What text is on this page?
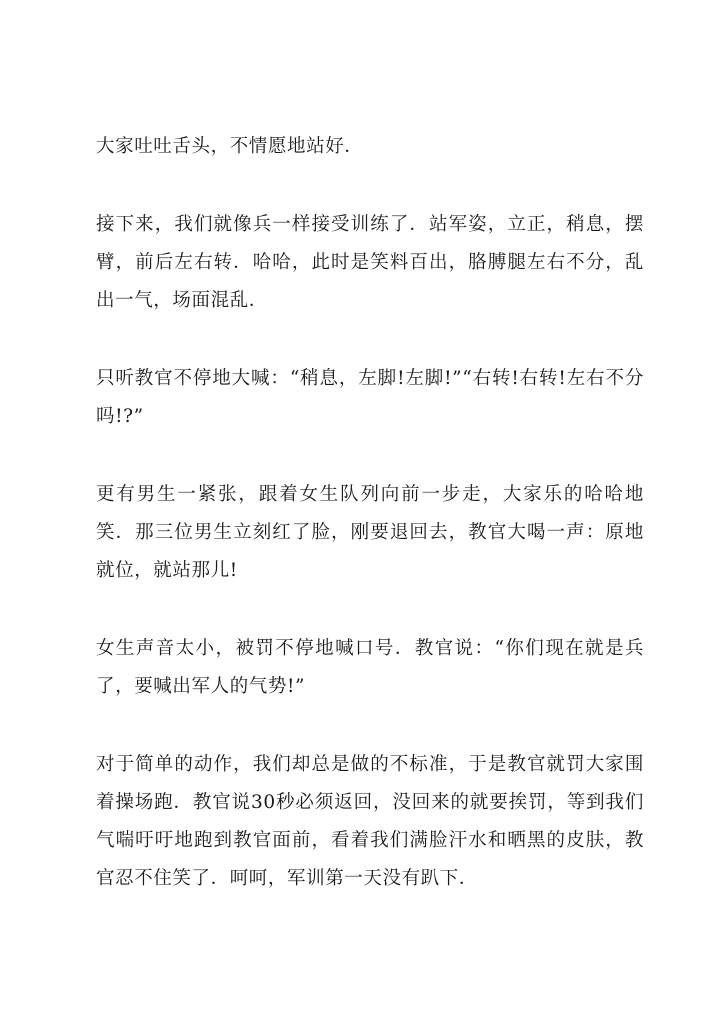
大家吐吐舌头，不情愿地站好．

接下来，我们就像兵一样接受训练了．站军姿，立正，稍息，摆臂，前后左右转．哈哈，此时是笑料百出，胳膊腿左右不分，乱出一气，场面混乱．

只听教官不停地大喊：“稍息，左脚!左脚!”“右转!右转!左右不分吗!?”

更有男生一紧张，跟着女生队列向前一步走，大家乐的哈哈地笑．那三位男生立刻红了脸，刚要退回去，教官大喝一声：原地就位，就站那儿!

女生声音太小，被罚不停地喊口号．教官说：“你们现在就是兵了，要喊出军人的气势!”

对于简单的动作，我们却总是做的不标准，于是教官就罚大家围着操场跑．教官说30秒必须返回，没回来的就要挨罚，等到我们气喘吁吁地跑到教官面前，看着我们满脸汗水和晒黑的皮肤，教官忍不住笑了．呵呵，军训第一天没有趴下．
